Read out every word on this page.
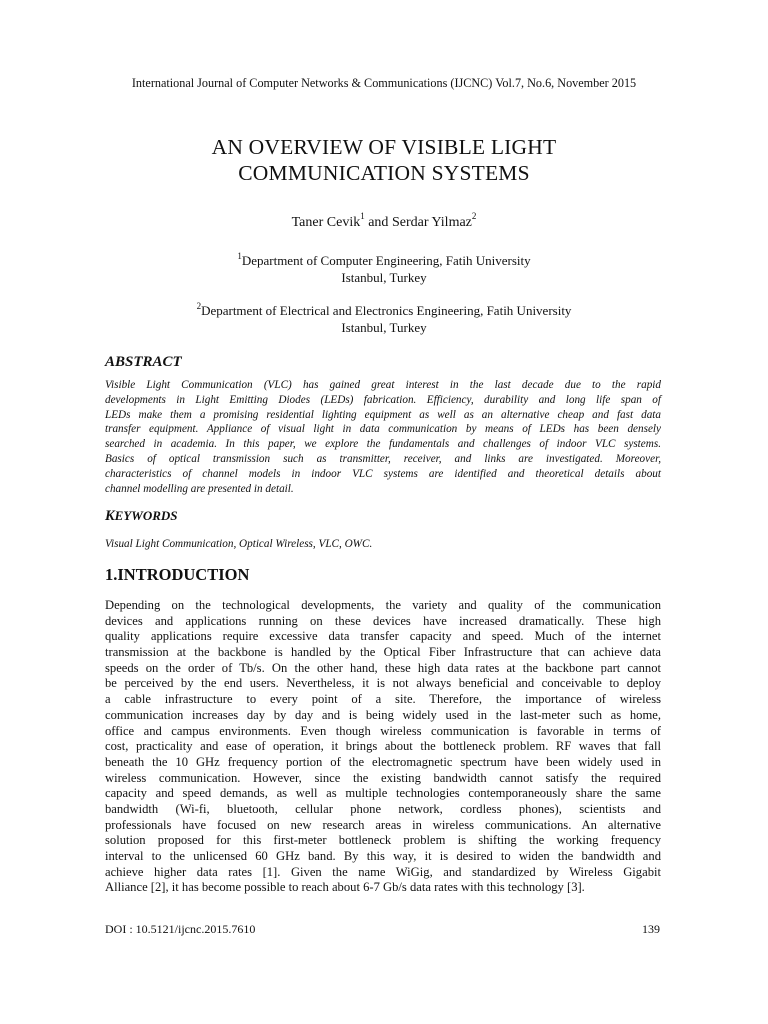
International Journal of Computer Networks & Communications (IJCNC) Vol.7, No.6, November 2015
AN OVERVIEW OF VISIBLE LIGHT
COMMUNICATION SYSTEMS
Taner Cevik$^1$ and Serdar Yilmaz$^2$
$^1$Department of Computer Engineering, Fatih University
Istanbul, Turkey
$^2$Department of Electrical and Electronics Engineering, Fatih University
Istanbul, Turkey
ABSTRACT
Visible Light Communication (VLC) has gained great interest in the last decade due to the rapid
developments in Light Emitting Diodes (LEDs) fabrication. Efficiency, durability and long life span of
LEDs make them a promising residential lighting equipment as well as an alternative cheap and fast data
transfer equipment. Appliance of visual light in data communication by means of LEDs has been densely
searched in academia. In this paper, we explore the fundamentals and challenges of indoor VLC systems.
Basics of optical transmission such as transmitter, receiver, and links are investigated. Moreover,
characteristics of channel models in indoor VLC systems are identified and theoretical details about
channel modelling are presented in detail.
KEYWORDS
Visual Light Communication, Optical Wireless, VLC, OWC.
1.INTRODUCTION
Depending on the technological developments, the variety and quality of the communication
devices and applications running on these devices have increased dramatically. These high
quality applications require excessive data transfer capacity and speed. Much of the internet
transmission at the backbone is handled by the Optical Fiber Infrastructure that can achieve data
speeds on the order of Tb/s. On the other hand, these high data rates at the backbone part cannot
be perceived by the end users. Nevertheless, it is not always beneficial and conceivable to deploy
a cable infrastructure to every point of a site. Therefore, the importance of wireless
communication increases day by day and is being widely used in the last-meter such as home,
office and campus environments. Even though wireless communication is favorable in terms of
cost, practicality and ease of operation, it brings about the bottleneck problem. RF waves that fall
beneath the 10 GHz frequency portion of the electromagnetic spectrum have been widely used in
wireless communication. However, since the existing bandwidth cannot satisfy the required
capacity and speed demands, as well as multiple technologies contemporaneously share the same
bandwidth (Wi-fi, bluetooth, cellular phone network, cordless phones), scientists and
professionals have focused on new research areas in wireless communications. An alternative
solution proposed for this first-meter bottleneck problem is shifting the working frequency
interval to the unlicensed 60 GHz band. By this way, it is desired to widen the bandwidth and
achieve higher data rates [1]. Given the name WiGig, and standardized by Wireless Gigabit
Alliance [2], it has become possible to reach about 6-7 Gb/s data rates with this technology [3].
DOI : 10.5121/ijcnc.2015.7610	139
